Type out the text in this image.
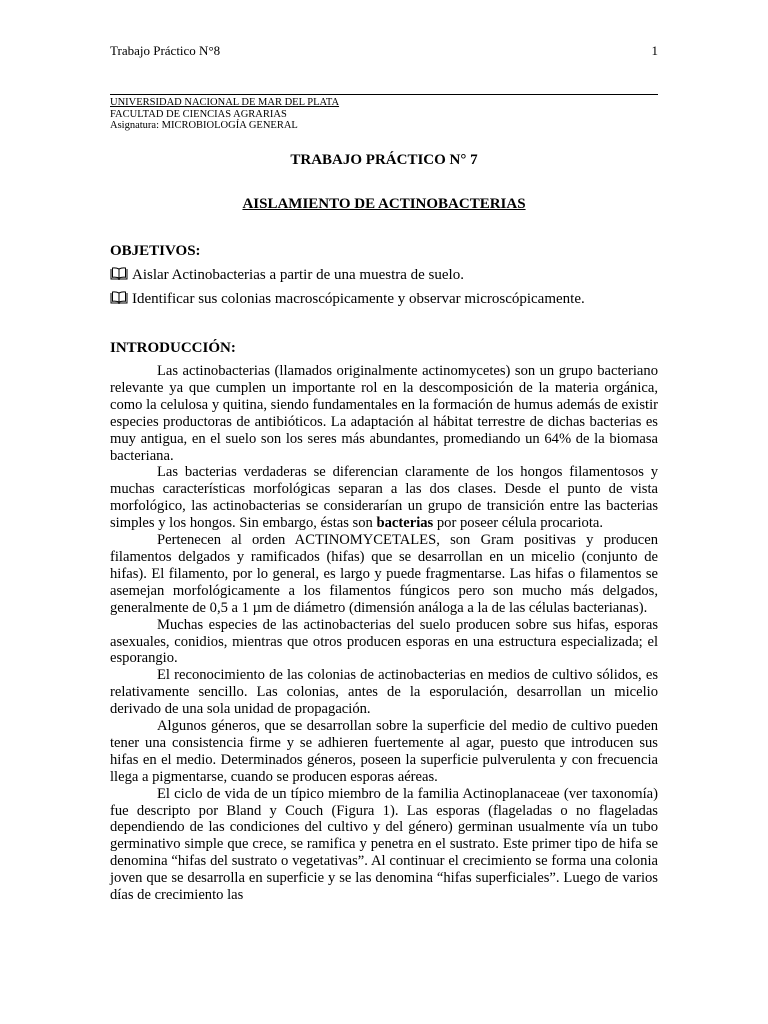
Trabajo Práctico N°8	1
UNIVERSIDAD NACIONAL DE MAR DEL PLATA
FACULTAD DE CIENCIAS AGRARIAS
Asignatura: MICROBIOLOGÍA GENERAL
TRABAJO PRÁCTICO N° 7
AISLAMIENTO DE ACTINOBACTERIAS
OBJETIVOS:
Aislar Actinobacterias a partir de una muestra de suelo.
Identificar sus colonias macroscópicamente y observar microscópicamente.
INTRODUCCIÓN:

Las actinobacterias (llamados originalmente actinomycetes) son un grupo bacteriano relevante ya que cumplen un importante rol en la descomposición de la materia orgánica, como la celulosa y quitina, siendo fundamentales en la formación de humus además de existir especies productoras de antibióticos. La adaptación al hábitat terrestre de dichas bacterias es muy antigua, en el suelo son los seres más abundantes, promediando un 64% de la biomasa bacteriana.

Las bacterias verdaderas se diferencian claramente de los hongos filamentosos y muchas características morfológicas separan a las dos clases. Desde el punto de vista morfológico, las actinobacterias se considerarían un grupo de transición entre las bacterias simples y los hongos. Sin embargo, éstas son bacterias por poseer célula procariota.

Pertenecen al orden ACTINOMYCETALES, son Gram positivas y producen filamentos delgados y ramificados (hifas) que se desarrollan en un micelio (conjunto de hifas). El filamento, por lo general, es largo y puede fragmentarse. Las hifas o filamentos se asemejan morfológicamente a los filamentos fúngicos pero son mucho más delgados, generalmente de 0,5 a 1 µm de diámetro (dimensión análoga a la de las células bacterianas).

Muchas especies de las actinobacterias del suelo producen sobre sus hifas, esporas asexuales, conidios, mientras que otros producen esporas en una estructura especializada; el esporangio.

El reconocimiento de las colonias de actinobacterias en medios de cultivo sólidos, es relativamente sencillo. Las colonias, antes de la esporulación, desarrollan un micelio derivado de una sola unidad de propagación.

Algunos géneros, que se desarrollan sobre la superficie del medio de cultivo pueden tener una consistencia firme y se adhieren fuertemente al agar, puesto que introducen sus hifas en el medio. Determinados géneros, poseen la superficie pulverulenta y con frecuencia llega a pigmentarse, cuando se producen esporas aéreas.

El ciclo de vida de un típico miembro de la familia Actinoplanaceae (ver taxonomía) fue descripto por Bland y Couch (Figura 1). Las esporas (flageladas o no flageladas dependiendo de las condiciones del cultivo y del género) germinan usualmente vía un tubo germinativo simple que crece, se ramifica y penetra en el sustrato. Este primer tipo de hifa se denomina “hifas del sustrato o vegetativas”. Al continuar el crecimiento se forma una colonia joven que se desarrolla en superficie y se las denomina “hifas superficiales”. Luego de varios días de crecimiento las
